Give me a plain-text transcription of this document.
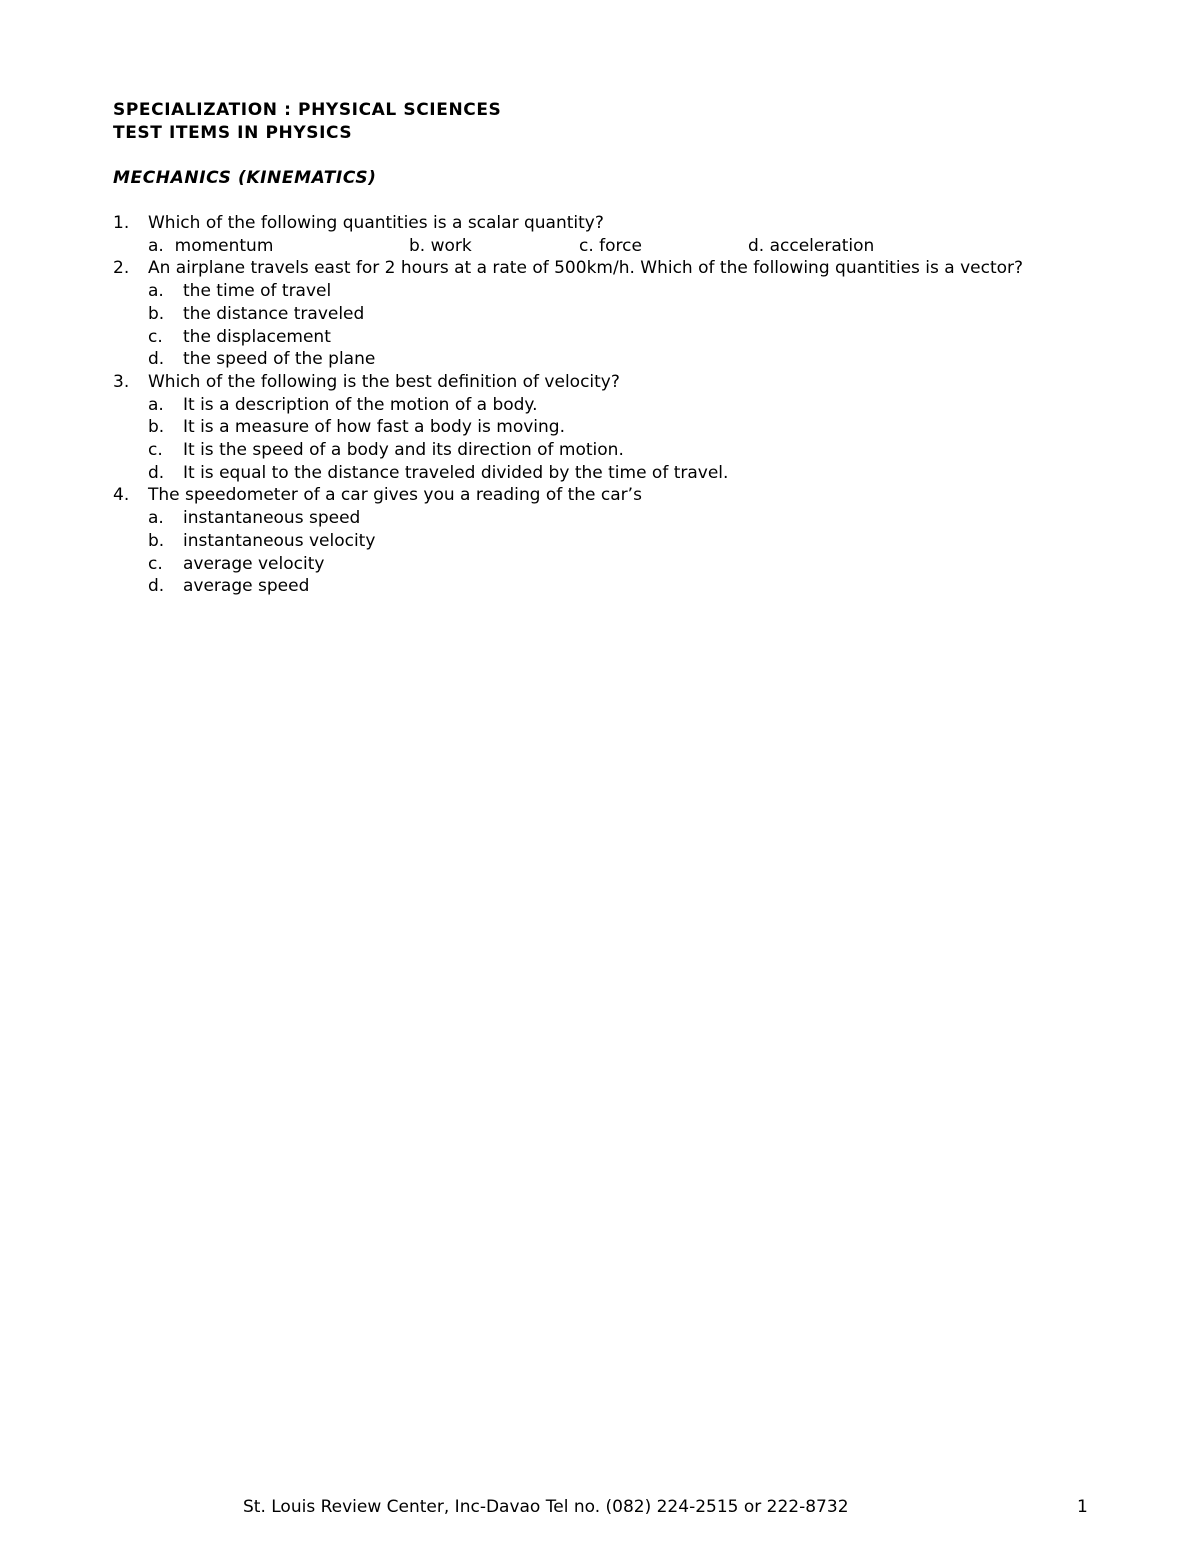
SPECIALIZATION : PHYSICAL SCIENCES

TEST ITEMS IN PHYSICS

MECHANICS (KINEMATICS)

1. Which of the following quantities is a scalar quantity?
a. momentum	b. work	c. force	d. acceleration
2. An airplane travels east for 2 hours at a rate of 500km/h. Which of the following quantities is a vector?
a. the time of travel
b. the distance traveled
c. the displacement
d. the speed of the plane
3. Which of the following is the best definition of velocity?
a. It is a description of the motion of a body.
b. It is a measure of how fast a body is moving.
c. It is the speed of a body and its direction of motion.
d. It is equal to the distance traveled divided by the time of travel.
4. The speedometer of a car gives you a reading of the car’s
a. instantaneous speed
b. instantaneous velocity
c. average velocity
d. average speed
St. Louis Review Center, Inc-Davao Tel no. (082) 224-2515 or 222-8732	1
